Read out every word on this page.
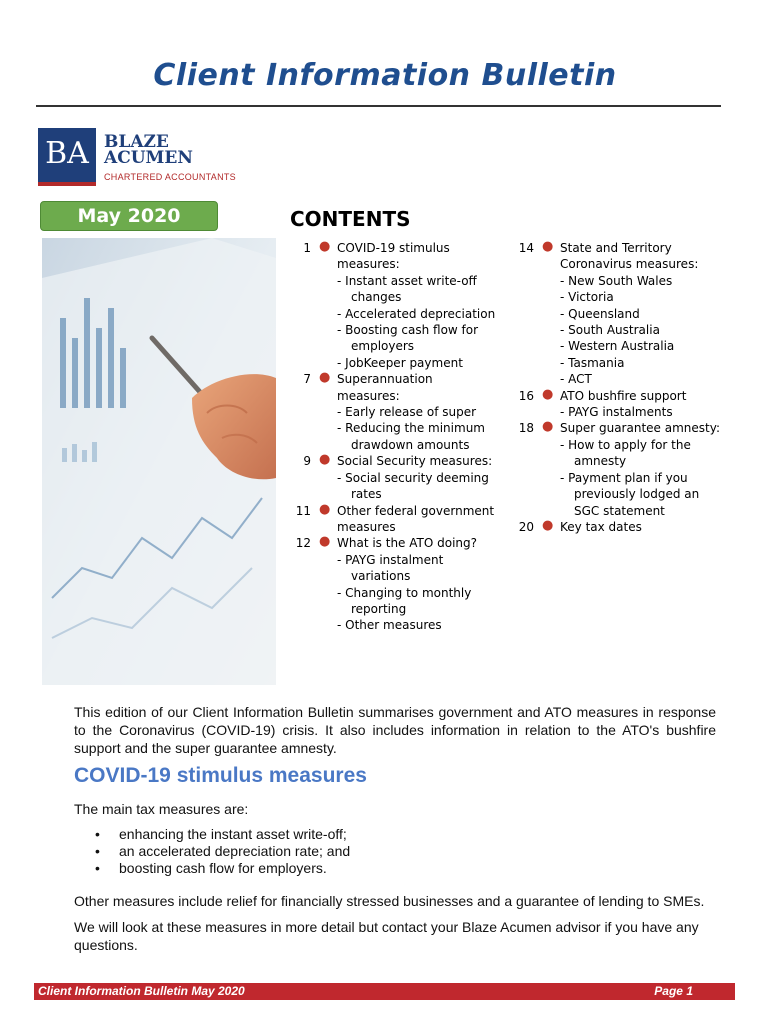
Client Information Bulletin
BA BLAZE
ACUMEN
CHARTERED ACCOUNTANTS
May 2020	CONTENTS
1 ● COVID-19 stimulus measures:
- Instant asset write-off changes
- Accelerated depreciation
- Boosting cash flow for employers
- JobKeeper payment
7 ● Superannuation measures:
- Early release of super
- Reducing the minimum drawdown amounts
9 ● Social Security measures:
- Social security deeming rates
11 ● Other federal government measures
12 ● What is the ATO doing?
- PAYG instalment variations
- Changing to monthly reporting
- Other measures
14 ● State and Territory Coronavirus measures:
- New South Wales
- Victoria
- Queensland
- South Australia
- Western Australia
- Tasmania
- ACT
16 ● ATO bushfire support
- PAYG instalments
18 ● Super guarantee amnesty:
- How to apply for the amnesty
- Payment plan if you previously lodged an SGC statement
20 ● Key tax dates
This edition of our Client Information Bulletin summarises government and ATO measures in response to the Coronavirus (COVID-19) crisis. It also includes information in relation to the ATO's bushfire support and the super guarantee amnesty.
COVID-19 stimulus measures
The main tax measures are:
• enhancing the instant asset write-off;
• an accelerated depreciation rate; and
• boosting cash flow for employers.
Other measures include relief for financially stressed businesses and a guarantee of lending to SMEs.
We will look at these measures in more detail but contact your Blaze Acumen advisor if you have any questions.
Client Information Bulletin May 2020	Page 1
